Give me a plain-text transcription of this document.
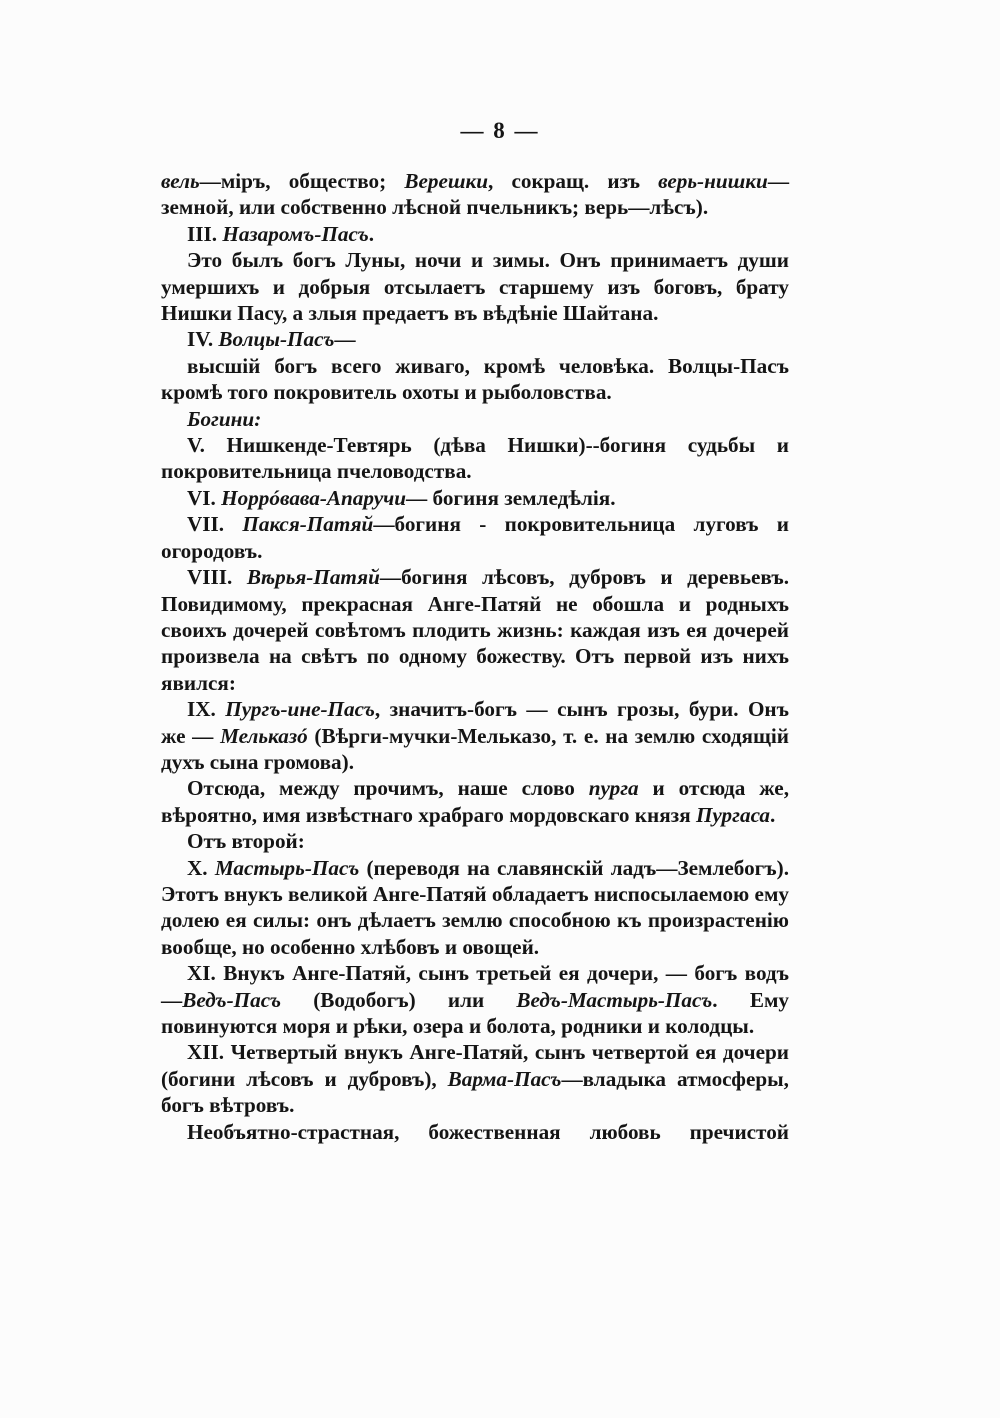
— 8 —

вель—міръ, общество; Верешки, сокращ. изъ верь-нишки—земной, или собственно лѣсной пчельникъ; верь—лѣсъ).

III. Назаромъ-Пасъ.

Это былъ богъ Луны, ночи и зимы. Онъ принимаетъ души умершихъ и добрыя отсылаетъ старшему изъ боговъ, брату Нишки Пасу, а злыя предаетъ въ вѣдѣніе Шайтана.

IV. Волцы-Пасъ—

высшій богъ всего живаго, кромѣ человѣка. Волцы-Пасъ кромѣ того покровитель охоты и рыболовства.

Богини:

V. Нишкенде-Тевтярь (дѣва Нишки)--богиня судьбы и покровительница пчеловодства.

VI. Норрóвава-Апаручи— богиня земледѣлія.

VII. Пакся-Патяй—богиня - покровительница луговъ и огородовъ.

VIII. Вѣрья-Патяй—богиня лѣсовъ, дубровъ и деревьевъ. Повидимому, прекрасная Анге-Патяй не обошла и родныхъ своихъ дочерей совѣтомъ плодить жизнь: каждая изъ ея дочерей произвела на свѣтъ по одному божеству. Отъ первой изъ нихъ явился:

IX. Пургъ-ине-Пасъ, значитъ-богъ — сынъ грозы, бури. Онъ же — Мельказó (Вѣрги-мучки-Мельказо, т. е. на землю сходящій духъ сына громова).

Отсюда, между прочимъ, наше слово пурга и отсюда же, вѣроятно, имя извѣстнаго храбраго мордовскаго князя Пургаса.

Отъ второй:

X. Мастырь-Пасъ (переводя на славянскій ладъ—Землебогъ). Этотъ внукъ великой Анге-Патяй обладаетъ ниспосылаемою ему долею ея силы: онъ дѣлаетъ землю способною къ произрастенію вообще, но особенно хлѣбовъ и овощей.

XI. Внукъ Анге-Патяй, сынъ третьей ея дочери, — богъ водъ—Ведъ-Пасъ (Водобогъ) или Ведъ-Мастырь-Пасъ. Ему повинуются моря и рѣки, озера и болота, родники и колодцы.

XII. Четвертый внукъ Анге-Патяй, сынъ четвертой ея дочери (богини лѣсовъ и дубровъ), Варма-Пасъ—владыка атмосферы, богъ вѣтровъ.

Необъятно-страстная, божественная любовь пречистой
